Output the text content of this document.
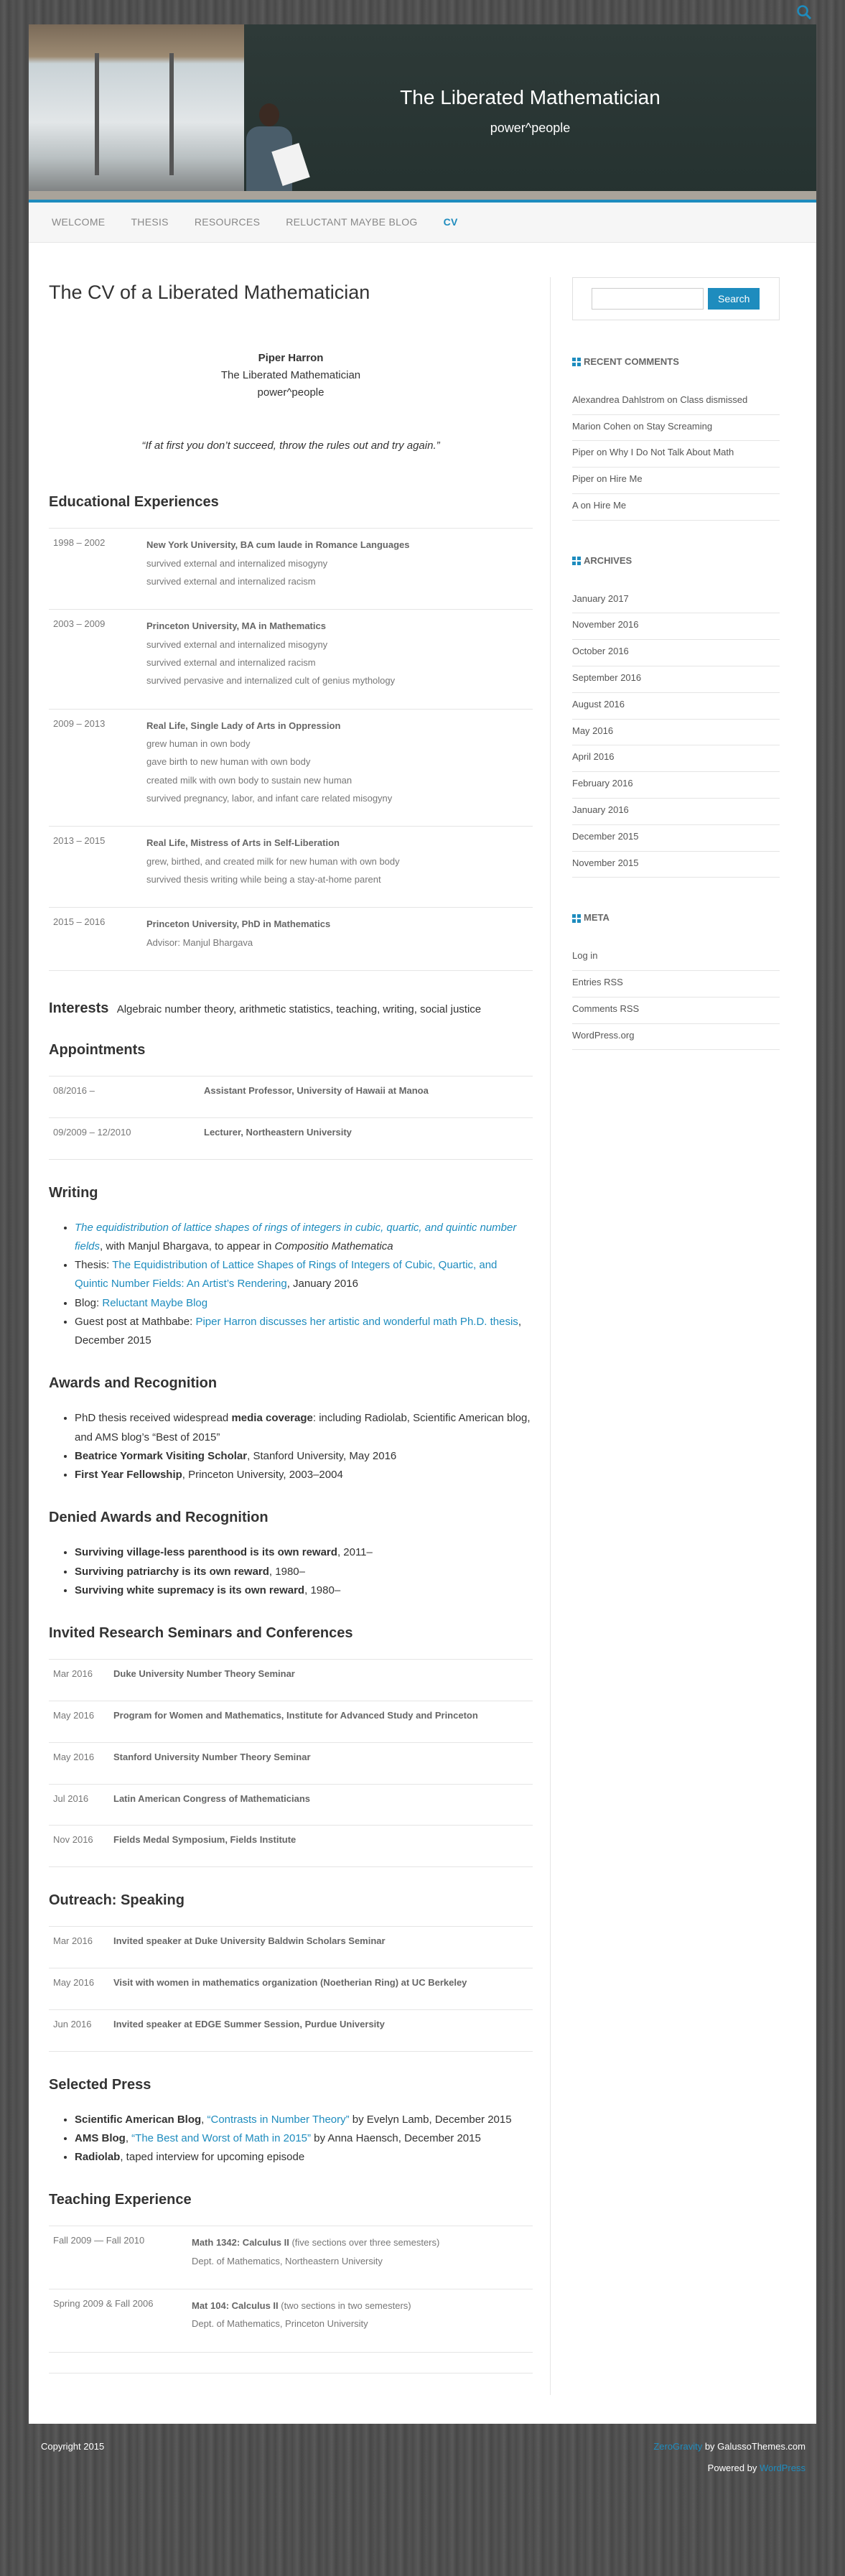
The Liberated Mathematician
power^people
WELCOME	THESIS	RESOURCES	RELUCTANT MAYBE BLOG	CV
The CV of a Liberated Mathematician
Piper Harron
The Liberated Mathematician
power^people
“If at first you don’t succeed, throw the rules out and try again.”
Educational Experiences
1998 – 2002	New York University, BA cum laude in Romance Languages
survived external and internalized misogyny
survived external and internalized racism
2003 – 2009	Princeton University, MA in Mathematics
survived external and internalized misogyny
survived external and internalized racism
survived pervasive and internalized cult of genius mythology
2009 – 2013	Real Life, Single Lady of Arts in Oppression
grew human in own body
gave birth to new human with own body
created milk with own body to sustain new human
survived pregnancy, labor, and infant care related misogyny
2013 – 2015	Real Life, Mistress of Arts in Self-Liberation
grew, birthed, and created milk for new human with own body
survived thesis writing while being a stay-at-home parent
2015 – 2016	Princeton University, PhD in Mathematics
Advisor: Manjul Bhargava
Interests Algebraic number theory, arithmetic statistics, teaching, writing, social justice
Appointments
08/2016 –	Assistant Professor, University of Hawaii at Manoa
09/2009 – 12/2010	Lecturer, Northeastern University
Writing
• The equidistribution of lattice shapes of rings of integers in cubic, quartic, and quintic number fields, with Manjul Bhargava, to appear in Compositio Mathematica
• Thesis: The Equidistribution of Lattice Shapes of Rings of Integers of Cubic, Quartic, and Quintic Number Fields: An Artist’s Rendering, January 2016
• Blog: Reluctant Maybe Blog
• Guest post at Mathbabe: Piper Harron discusses her artistic and wonderful math Ph.D. thesis, December 2015
Awards and Recognition
• PhD thesis received widespread media coverage: including Radiolab, Scientific American blog, and AMS blog’s “Best of 2015”
• Beatrice Yormark Visiting Scholar, Stanford University, May 2016
• First Year Fellowship, Princeton University, 2003–2004
Denied Awards and Recognition
• Surviving village-less parenthood is its own reward, 2011–
• Surviving patriarchy is its own reward, 1980–
• Surviving white supremacy is its own reward, 1980–
Invited Research Seminars and Conferences
Mar 2016	Duke University Number Theory Seminar
May 2016	Program for Women and Mathematics, Institute for Advanced Study and Princeton
May 2016	Stanford University Number Theory Seminar
Jul 2016	Latin American Congress of Mathematicians
Nov 2016	Fields Medal Symposium, Fields Institute
Outreach: Speaking
Mar 2016	Invited speaker at Duke University Baldwin Scholars Seminar
May 2016	Visit with women in mathematics organization (Noetherian Ring) at UC Berkeley
Jun 2016	Invited speaker at EDGE Summer Session, Purdue University
Selected Press
• Scientific American Blog, “Contrasts in Number Theory” by Evelyn Lamb, December 2015
• AMS Blog, “The Best and Worst of Math in 2015” by Anna Haensch, December 2015
• Radiolab, taped interview for upcoming episode
Teaching Experience
Fall 2009 — Fall 2010	Math 1342: Calculus II (five sections over three semesters)
Dept. of Mathematics, Northeastern University
Spring 2009 & Fall 2006	Mat 104: Calculus II (two sections in two semesters)
Dept. of Mathematics, Princeton University
Search
RECENT COMMENTS
Alexandrea Dahlstrom on Class dismissed
Marion Cohen on Stay Screaming
Piper on Why I Do Not Talk About Math
Piper on Hire Me
A on Hire Me
ARCHIVES
January 2017
November 2016
October 2016
September 2016
August 2016
May 2016
April 2016
February 2016
January 2016
December 2015
November 2015
META
Log in
Entries RSS
Comments RSS
WordPress.org
Copyright 2015	ZeroGravity by GalussoThemes.com
Powered by WordPress
